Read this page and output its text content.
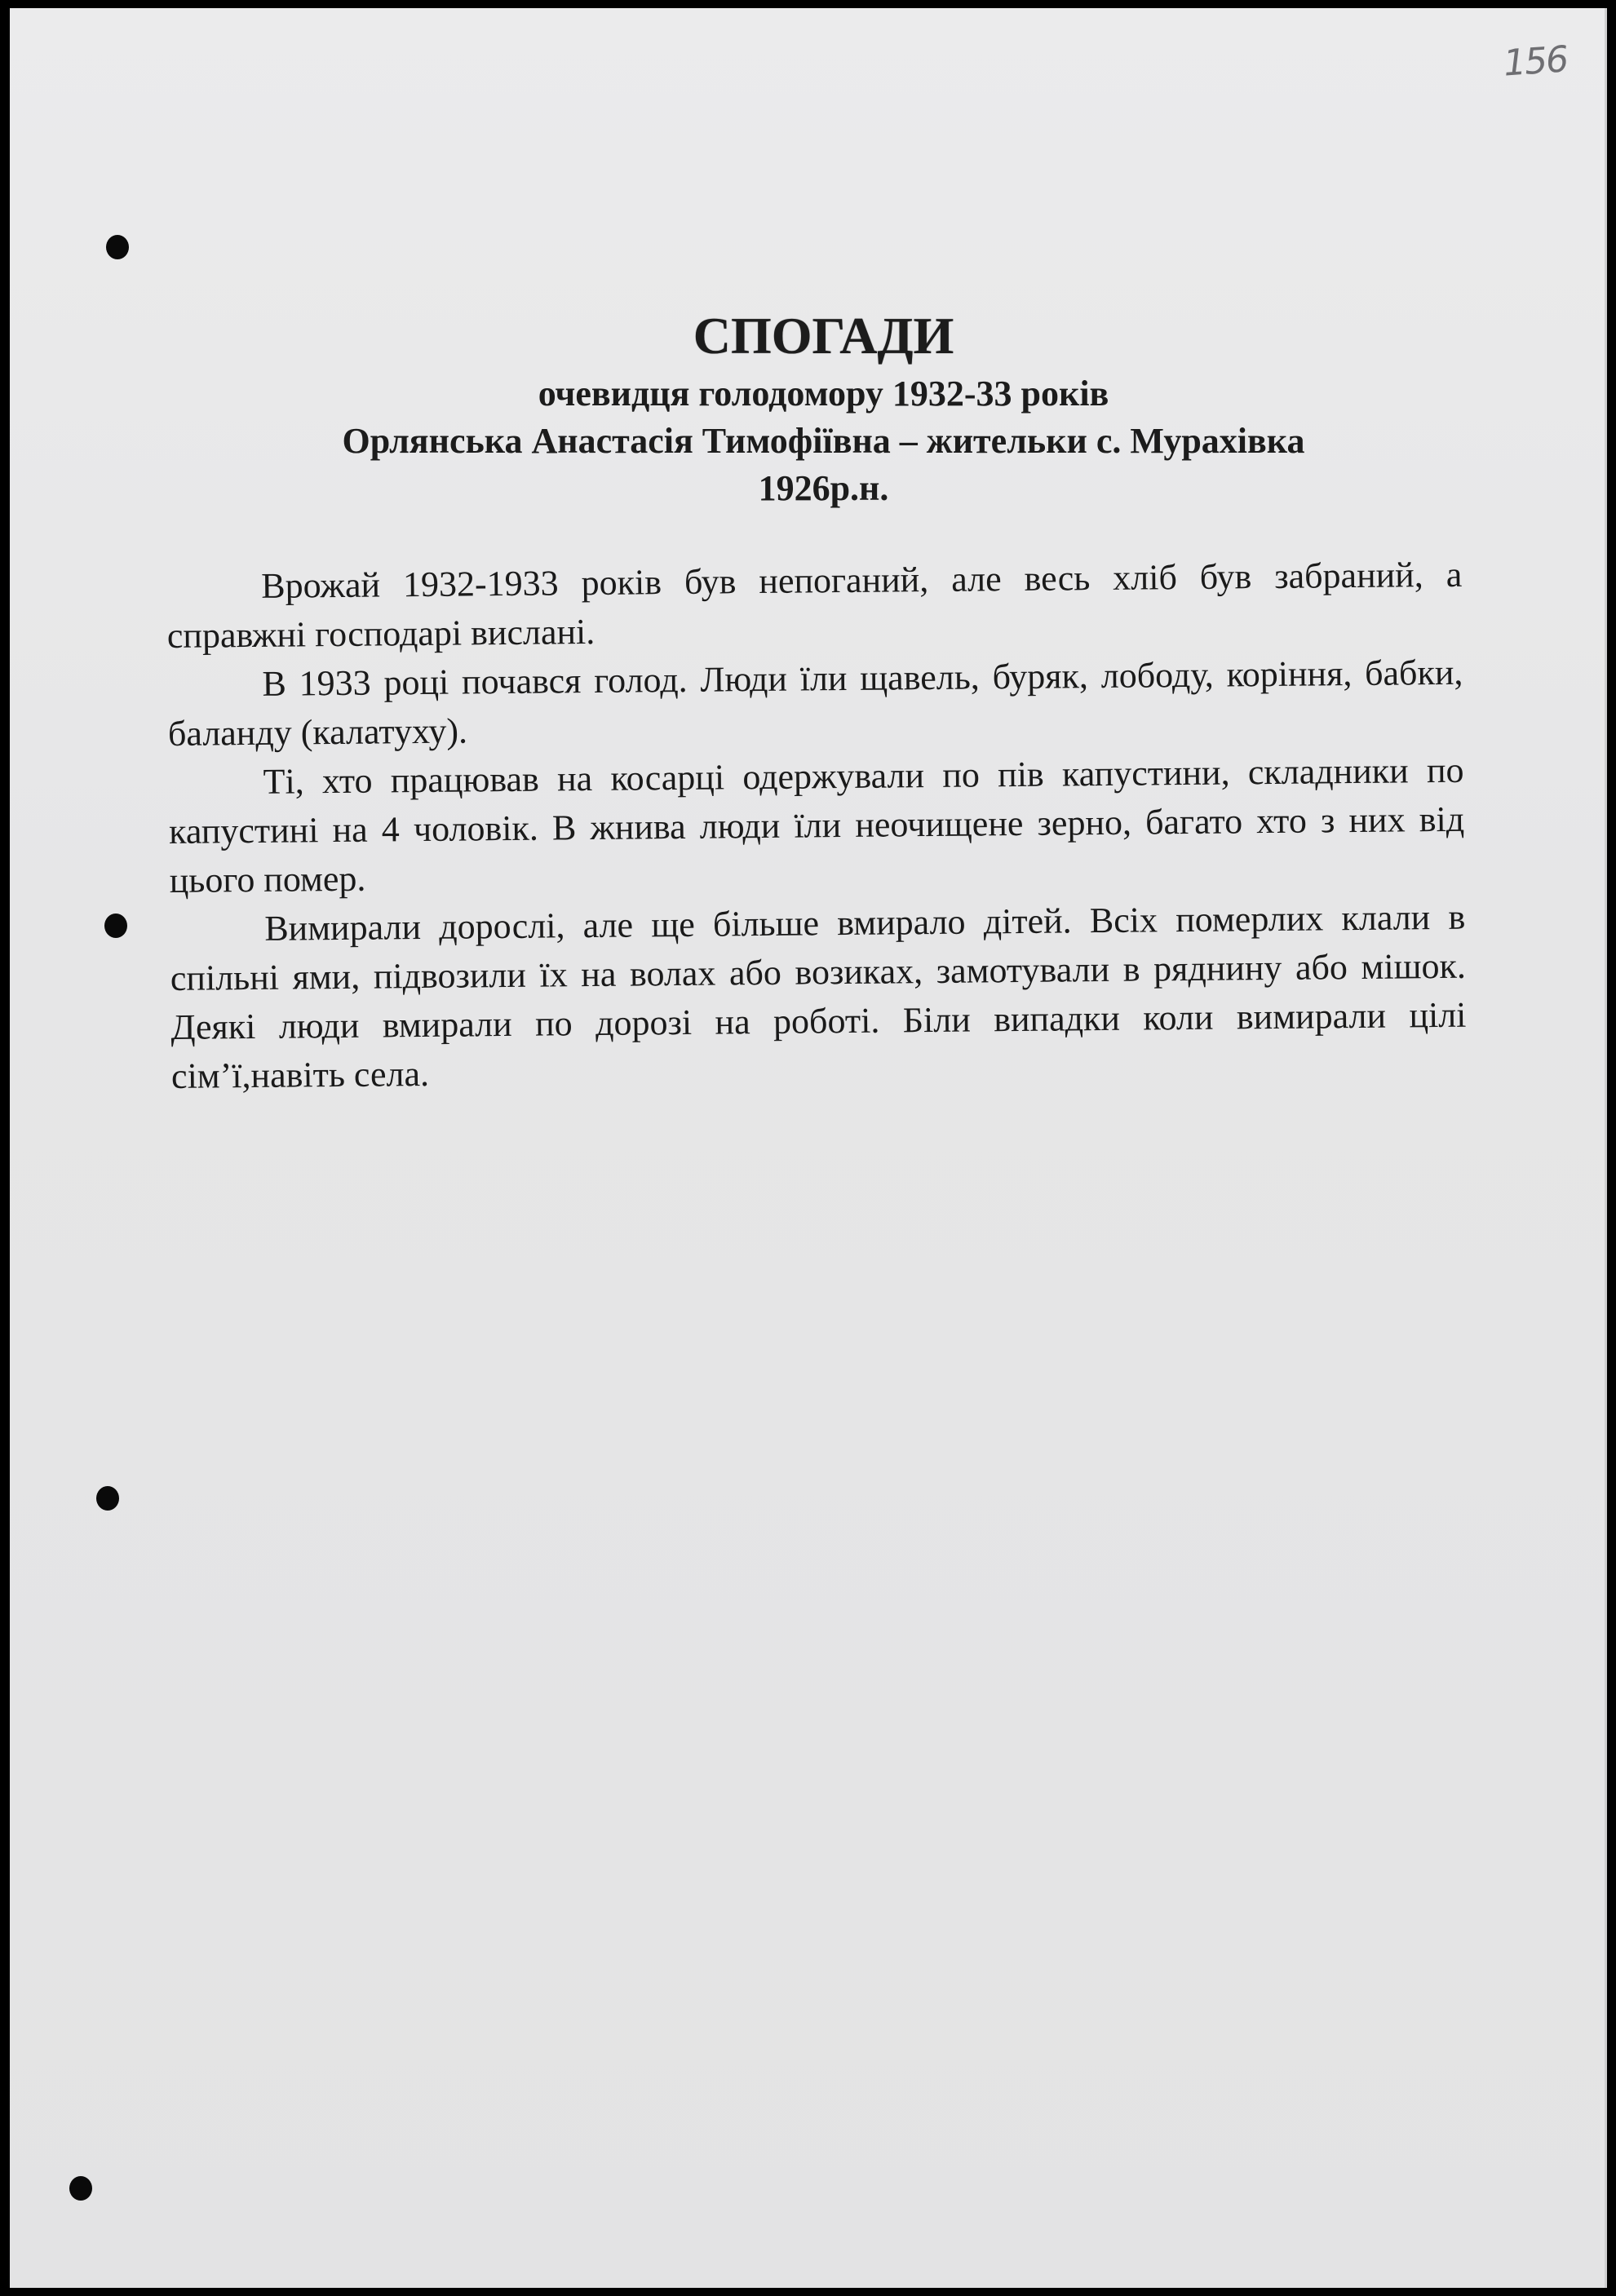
156
СПОГАДИ
очевидця голодомору 1932-33 років
Орлянська Анастасія Тимофіївна – жительки с. Мурахівка
1926р.н.

Врожай 1932-1933 років був непоганий, але весь хліб був забраний, а справжні господарі вислані.

В 1933 році почався голод. Люди їли щавель, буряк, лободу, коріння, бабки, баланду (калатуху).

Ті, хто працював на косарці одержували по пів капустини, складники по капустині на 4 чоловік. В жнива люди їли неочищене зерно, багато хто з них від цього помер.

Вимирали дорослі, але ще більше вмирало дітей. Всіх померлих клали в спільні ями, підвозили їх на волах або возиках, замотували в ряднину або мішок. Деякі люди вмирали по дорозі на роботі. Біли випадки коли вимирали цілі сім’ї,навіть села.
